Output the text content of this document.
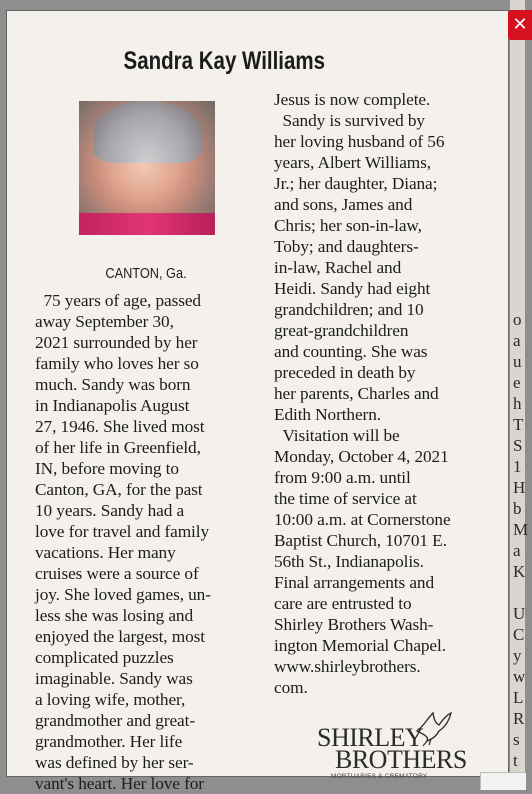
o
a
u
e
h
T
S
1
H
b
M
a
K
U
C
y
w
L
R
s
t
Sandra Kay Williams
CANTON, Ga.
75 years of age, passed
away September 30,
2021 surrounded by her
family who loves her so
much. Sandy was born
in Indianapolis August
27, 1946. She lived most
of her life in Greenfield,
IN, before moving to
Canton, GA, for the past
10 years. Sandy had a
love for travel and family
vacations. Her many
cruises were a source of
joy. She loved games, un-
less she was losing and
enjoyed the largest, most
complicated puzzles
imaginable. Sandy was
a loving wife, mother,
grandmother and great-
grandmother. Her life
was defined by her ser-
vant's heart. Her love for
Jesus is now complete.
Sandy is survived by
her loving husband of 56
years, Albert Williams,
Jr.; her daughter, Diana;
and sons, James and
Chris; her son-in-law,
Toby; and daughters-
in-law, Rachel and
Heidi. Sandy had eight
grandchildren; and 10
great-grandchildren
and counting. She was
preceded in death by
her parents, Charles and
Edith Northern.
Visitation will be
Monday, October 4, 2021
from 9:00 a.m. until
the time of service at
10:00 a.m. at Cornerstone
Baptist Church, 10701 E.
56th St., Indianapolis.
Final arrangements and
care are entrusted to
Shirley Brothers Wash-
ington Memorial Chapel.
www.shirleybrothers.
com.
SHIRLEY
BROTHERS
MORTUARIES & CREMATORY
✕
